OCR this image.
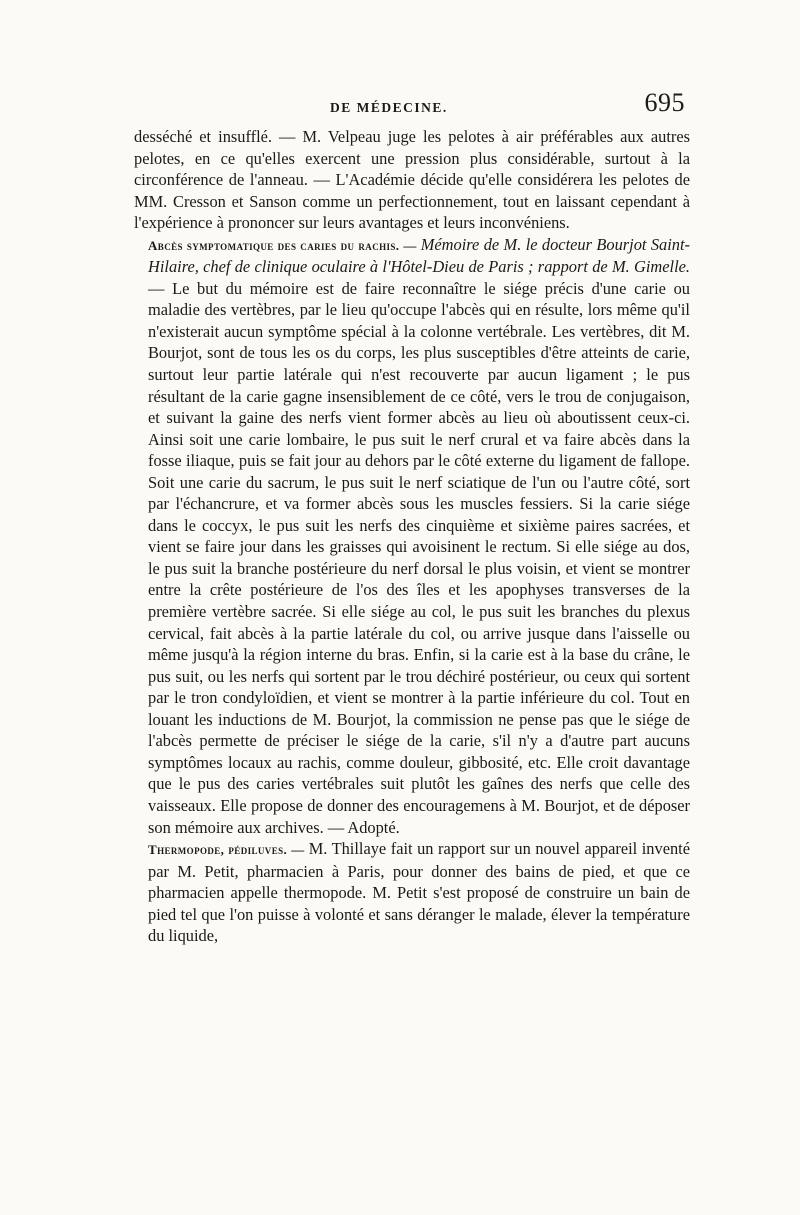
DE MÉDECINE.	695

desséché et insufflé. — M. Velpeau juge les pelotes à air préférables aux autres pelotes, en ce qu'elles exercent une pression plus considérable, surtout à la circonférence de l'anneau. — L'Académie décide qu'elle considérera les pelotes de MM. Cresson et Sanson comme un perfectionnement, tout en laissant cependant à l'expérience à prononcer sur leurs avantages et leurs inconvéniens.

Abcès symptomatique des caries du rachis. — Mémoire de M. le docteur Bourjot Saint-Hilaire, chef de clinique oculaire à l'Hôtel-Dieu de Paris ; rapport de M. Gimelle. — Le but du mémoire est de faire reconnaître le siége précis d'une carie ou maladie des vertèbres, par le lieu qu'occupe l'abcès qui en résulte, lors même qu'il n'existerait aucun symptôme spécial à la colonne vertébrale. Les vertèbres, dit M. Bourjot, sont de tous les os du corps, les plus susceptibles d'être atteints de carie, surtout leur partie latérale qui n'est recouverte par aucun ligament ; le pus résultant de la carie gagne insensiblement de ce côté, vers le trou de conjugaison, et suivant la gaine des nerfs vient former abcès au lieu où aboutissent ceux-ci. Ainsi soit une carie lombaire, le pus suit le nerf crural et va faire abcès dans la fosse iliaque, puis se fait jour au dehors par le côté externe du ligament de fallope. Soit une carie du sacrum, le pus suit le nerf sciatique de l'un ou l'autre côté, sort par l'échancrure, et va former abcès sous les muscles fessiers. Si la carie siége dans le coccyx, le pus suit les nerfs des cinquième et sixième paires sacrées, et vient se faire jour dans les graisses qui avoisinent le rectum. Si elle siége au dos, le pus suit la branche postérieure du nerf dorsal le plus voisin, et vient se montrer entre la crête postérieure de l'os des îles et les apophyses transverses de la première vertèbre sacrée. Si elle siége au col, le pus suit les branches du plexus cervical, fait abcès à la partie latérale du col, ou arrive jusque dans l'aisselle ou même jusqu'à la région interne du bras. Enfin, si la carie est à la base du crâne, le pus suit, ou les nerfs qui sortent par le trou déchiré postérieur, ou ceux qui sortent par le tron condyloïdien, et vient se montrer à la partie inférieure du col. Tout en louant les inductions de M. Bourjot, la commission ne pense pas que le siége de l'abcès permette de préciser le siége de la carie, s'il n'y a d'autre part aucuns symptômes locaux au rachis, comme douleur, gibbosité, etc. Elle croit davantage que le pus des caries vertébrales suit plutôt les gaînes des nerfs que celle des vaisseaux. Elle propose de donner des encouragemens à M. Bourjot, et de déposer son mémoire aux archives. — Adopté.

Thermopode, pédiluves. — M. Thillaye fait un rapport sur un nouvel appareil inventé par M. Petit, pharmacien à Paris, pour donner des bains de pied, et que ce pharmacien appelle thermopode. M. Petit s'est proposé de construire un bain de pied tel que l'on puisse à volonté et sans déranger le malade, élever la température du liquide,
